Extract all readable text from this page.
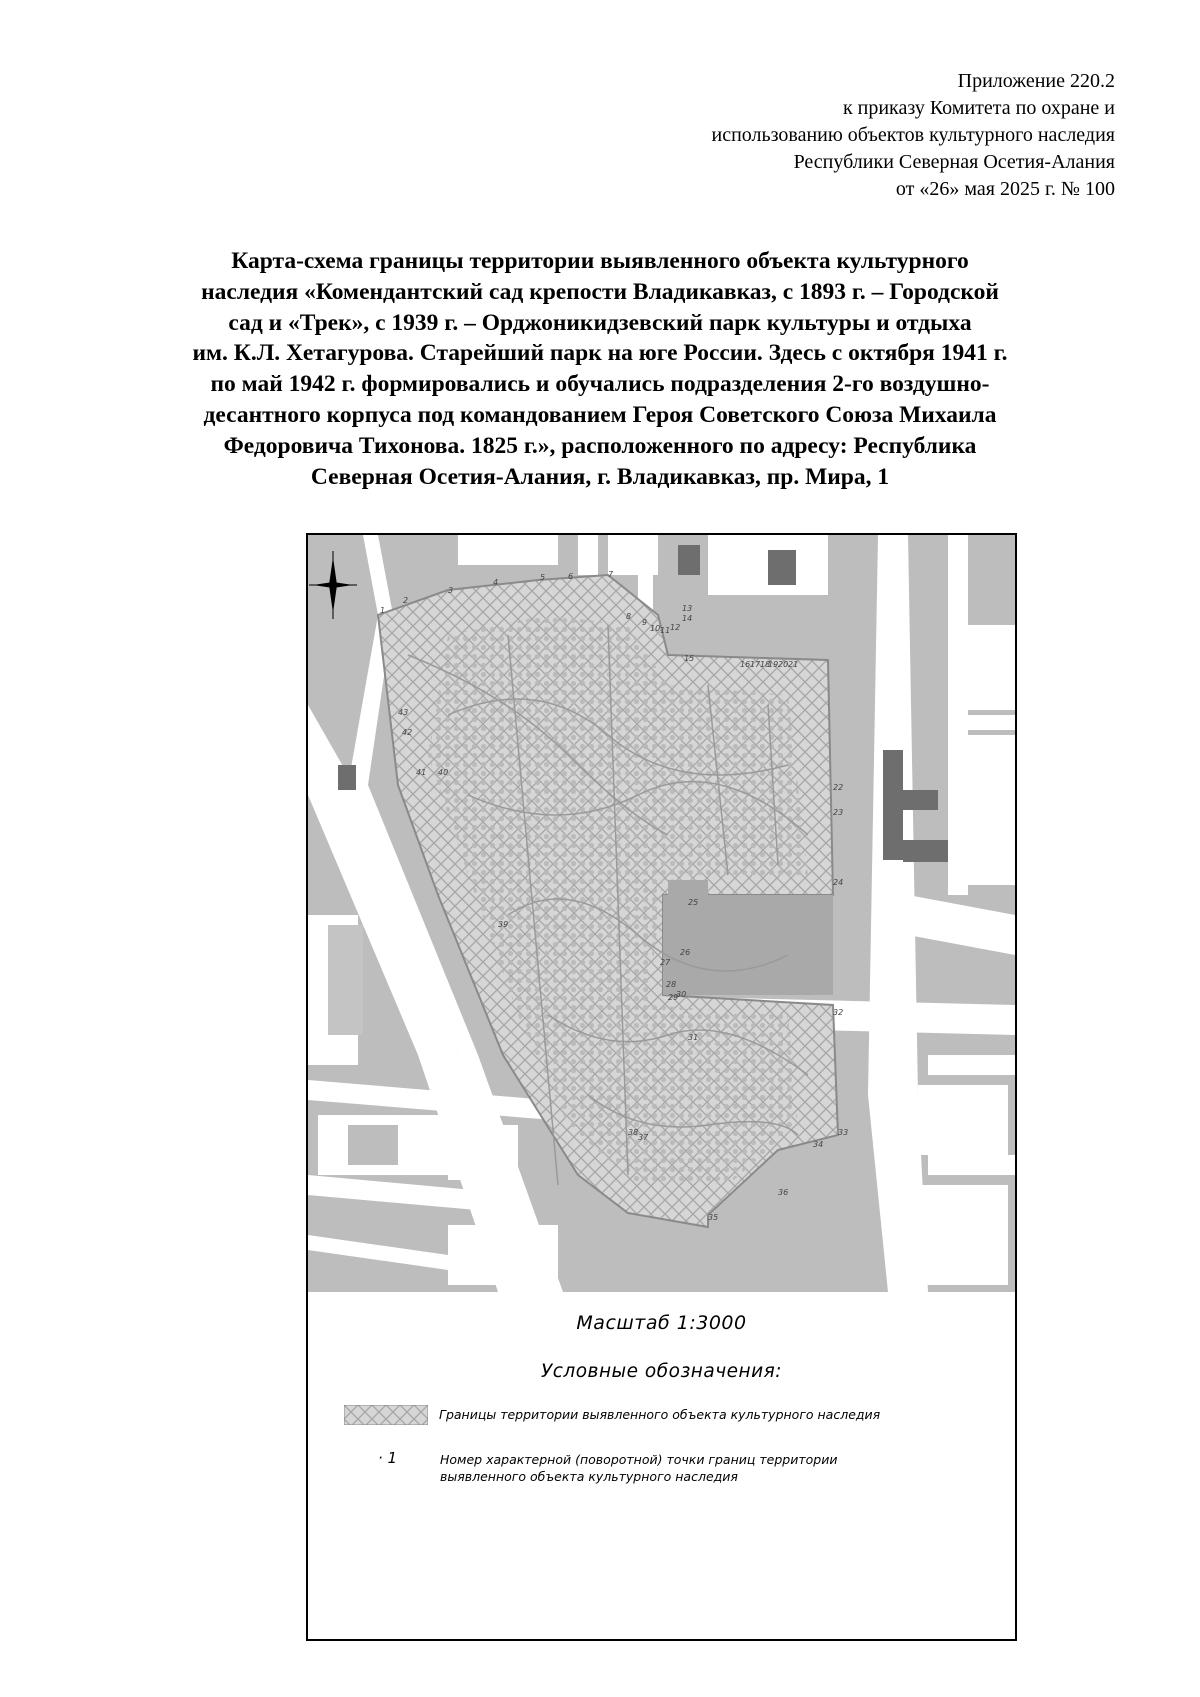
Приложение 220.2
к приказу Комитета по охране и
использованию объектов культурного наследия
Республики Северная Осетия-Алания
от «26» мая 2025 г. № 100
Карта-схема границы территории выявленного объекта культурного
наследия «Комендантский сад крепости Владикавказ, с 1893 г. – Городской
сад и «Трек», с 1939 г. – Орджоникидзевский парк культуры и отдыха
им. К.Л. Хетагурова. Старейший парк на юге России. Здесь с октября 1941 г.
по май 1942 г. формировались и обучались подразделения 2-го воздушно-
десантного корпуса под командованием Героя Советского Союза Михаила
Федоровича Тихонова. 1825 г.», расположенного по адресу: Республика
Северная Осетия-Алания, г. Владикавказ, пр. Мира, 1
1
2
3
4
5	6	7
8
9
10 11 12
13
14
15
16 17 18
19 20 21
22
23
24
25
26
27
28
29
30
31
32
33
34
35
36
37
38
39
40
41
42
43
Масштаб 1:3000
Условные обозначения:
Границы территории выявленного объекта культурного наследия
· 1	Номер характерной (поворотной) точки границ территории
выявленного объекта культурного наследия
